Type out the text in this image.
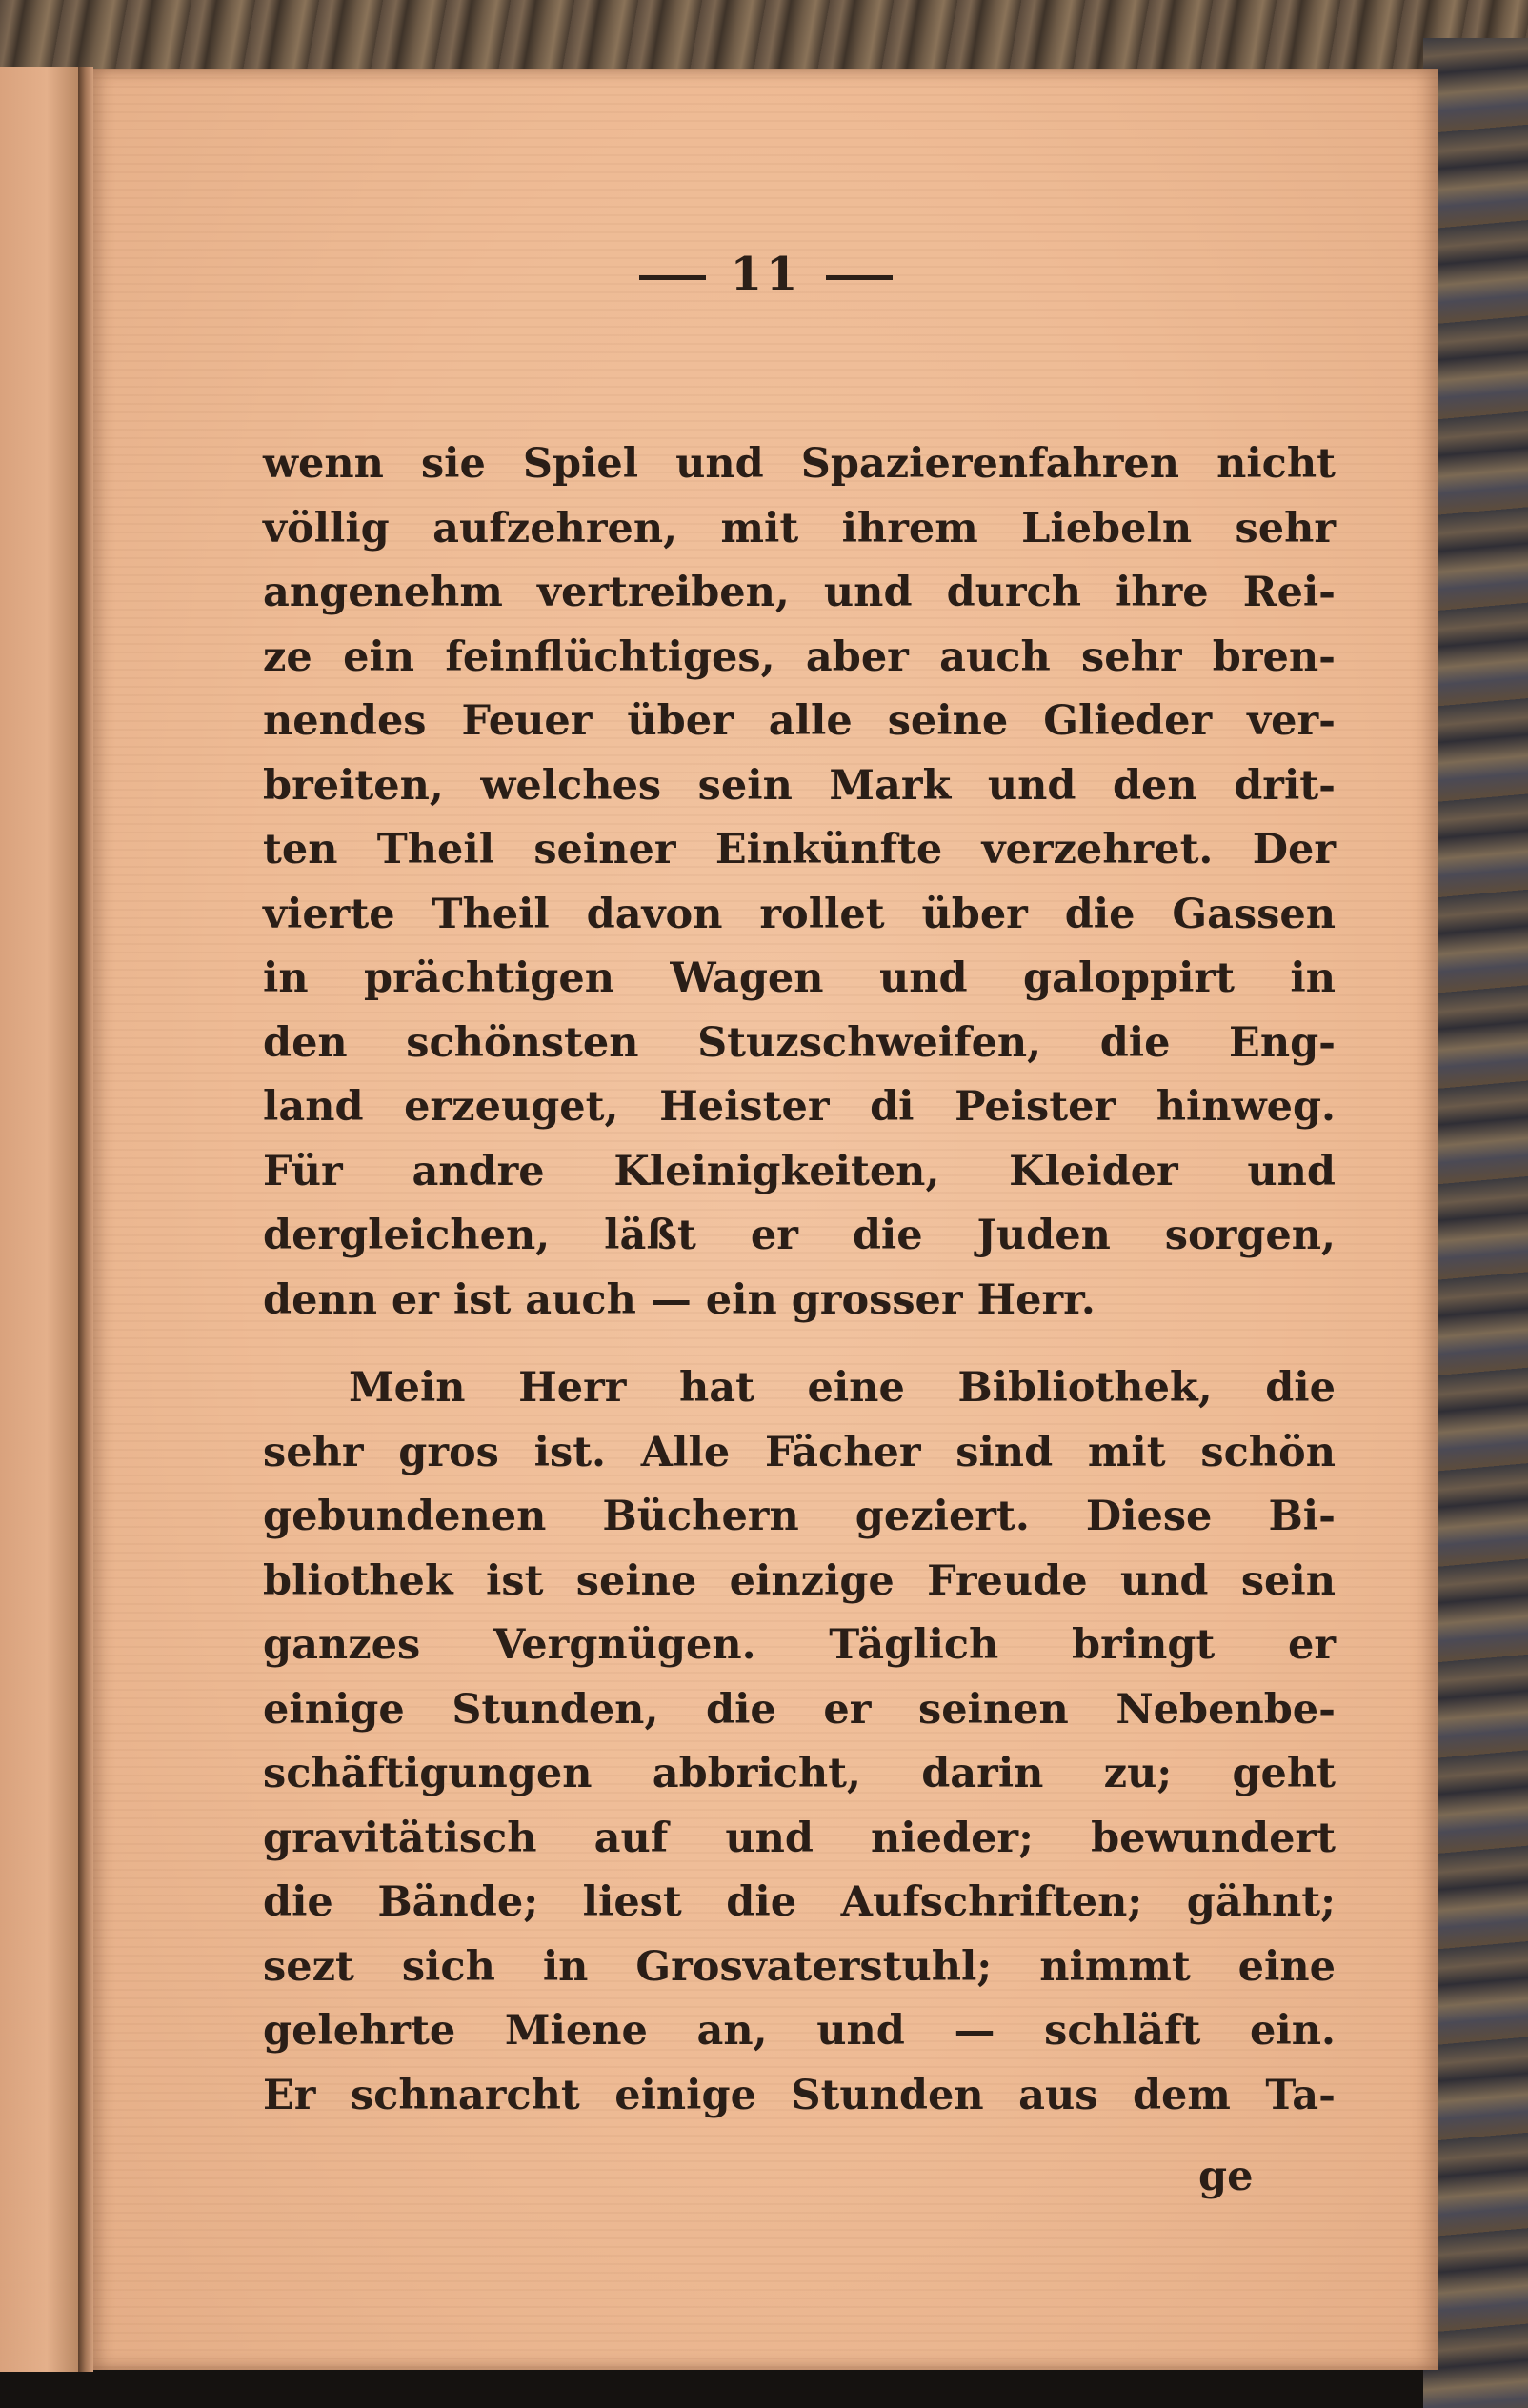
11
wenn sie Spiel und Spazierenfahren nicht
völlig aufzehren, mit ihrem Liebeln sehr
angenehm vertreiben, und durch ihre Rei-
ze ein feinflüchtiges, aber auch sehr bren-
nendes Feuer über alle seine Glieder ver-
breiten, welches sein Mark und den drit-
ten Theil seiner Einkünfte verzehret. Der
vierte Theil davon rollet über die Gassen
in prächtigen Wagen und galoppirt in
den schönsten Stuzschweifen, die Eng-
land erzeuget, Heister di Peister hinweg.
Für andre Kleinigkeiten, Kleider und
dergleichen, läßt er die Juden sorgen,
denn er ist auch — ein grosser Herr.
Mein Herr hat eine Bibliothek, die
sehr gros ist. Alle Fächer sind mit schön
gebundenen Büchern geziert. Diese Bi-
bliothek ist seine einzige Freude und sein
ganzes Vergnügen. Täglich bringt er
einige Stunden, die er seinen Nebenbe-
schäftigungen abbricht, darin zu; geht
gravitätisch auf und nieder; bewundert
die Bände; liest die Aufschriften; gähnt;
sezt sich in Grosvaterstuhl; nimmt eine
gelehrte Miene an, und — schläft ein.
Er schnarcht einige Stunden aus dem Ta-
ge
